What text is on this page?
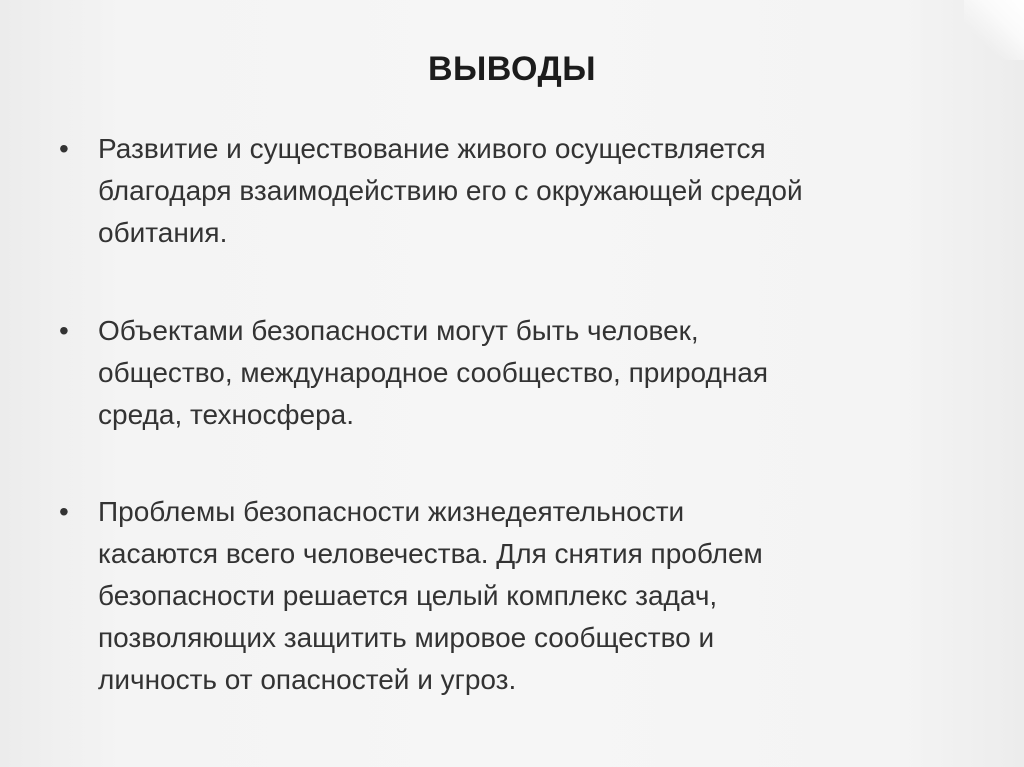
ВЫВОДЫ
• Развитие и существование живого осуществляется
благодаря взаимодействию его с окружающей средой
обитания.
• Объектами безопасности могут быть человек,
общество, международное сообщество, природная
среда, техносфера.
• Проблемы безопасности жизнедеятельности
касаются всего человечества. Для снятия проблем
безопасности решается целый комплекс задач,
позволяющих защитить мировое сообщество и
личность от опасностей и угроз.
